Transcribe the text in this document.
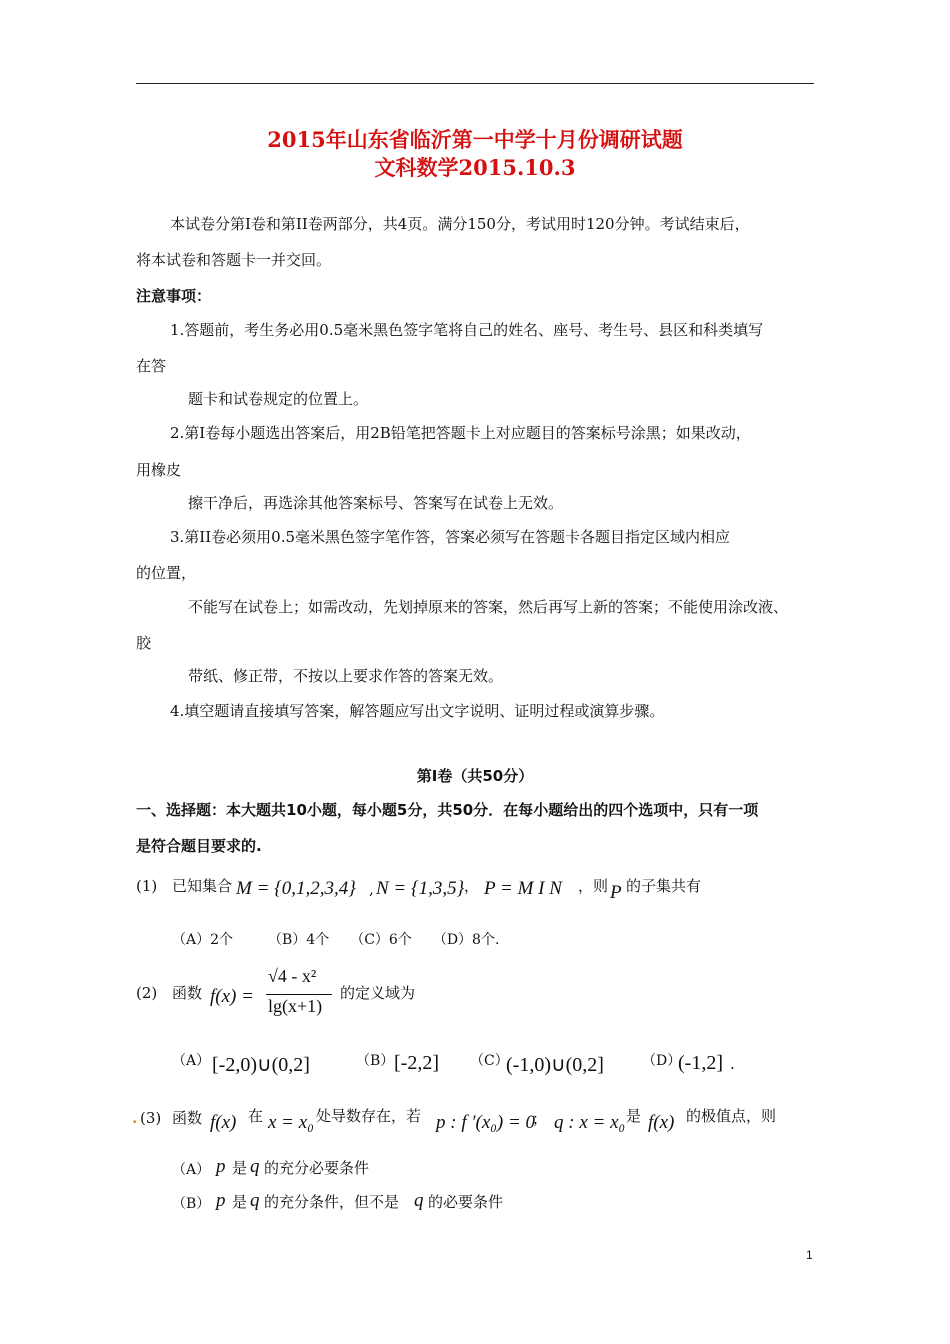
2015年山东省临沂第一中学十月份调研试题
文科数学2015.10.3
本试卷分第Ⅰ卷和第II卷两部分，共4页。满分150分，考试用时120分钟。考试结束后，
将本试卷和答题卡一并交回。
注意事项：
1.答题前，考生务必用0.5毫米黑色签字笔将自己的姓名、座号、考生号、县区和科类填写
在答
题卡和试卷规定的位置上。
2.第Ⅰ卷每小题选出答案后，用2B铅笔把答题卡上对应题目的答案标号涂黑；如果改动，
用橡皮
擦干净后，再选涂其他答案标号、答案写在试卷上无效。
3.第II卷必须用0.5毫米黑色签字笔作答，答案必须写在答题卡各题目指定区域内相应
的位置，
不能写在试卷上；如需改动，先划掉原来的答案，然后再写上新的答案；不能使用涂改液、
胶
带纸、修正带，不按以上要求作答的答案无效。
4.填空题请直接填写答案，解答题应写出文字说明、证明过程或演算步骤。
第Ⅰ卷（共50分）
一、选择题：本大题共10小题，每小题5分，共50分．在每小题给出的四个选项中，只有一项
是符合题目要求的.
(1) 已知集合 M = {0,1,2,3,4} , N = {1,3,5} ， P = M Ι N ，则 P 的子集共有
（A）2个　　　（B）4个　　（C）6个　　（D）8个.
(2) 函数 f(x) =
√4 - x²
lg(x+1)
的定义域为
（A） [-2,0)∪(0,2]	（B） [-2,2] （C）
(-1,0)∪(0,2]	（D）
(-1,2] .
. (3) 函数 f(x) 在 x = x₀ 处导数存在，若 p : f ′(x₀) = 0
； q : x = x₀ 是 f(x) 的极值点，则
（A） p 是 q 的充分必要条件
（B） p 是 q 的充分条件，但不是 q 的必要条件
1
